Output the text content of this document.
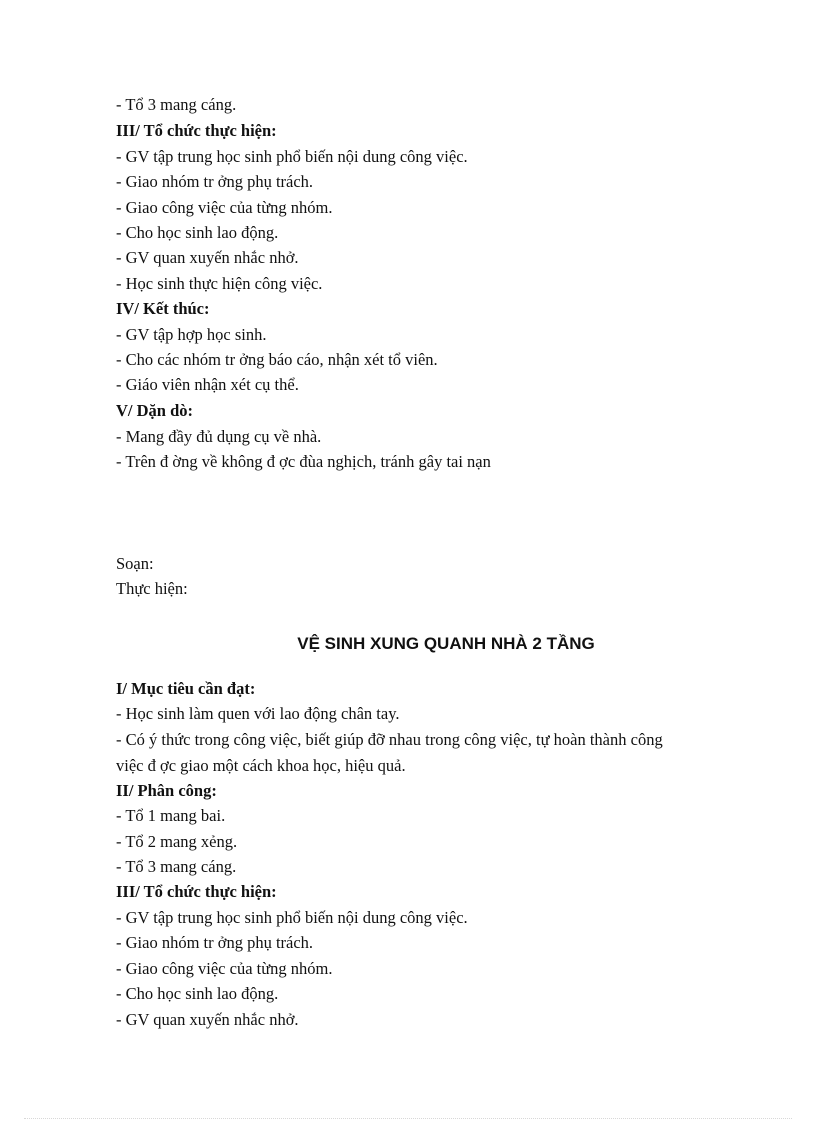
- Tổ 3 mang cáng.
III/ Tổ chức thực hiện:
- GV tập trung học sinh phổ biến nội dung công việc.
- Giao nhóm tr ởng phụ trách.
- Giao công việc của từng nhóm.
- Cho học sinh lao động.
- GV quan xuyến nhắc nhở.
- Học sinh thực hiện công việc.
IV/ Kết thúc:
- GV tập hợp học sinh.
- Cho các nhóm tr ởng báo cáo, nhận xét tổ viên.
- Giáo viên nhận xét cụ thể.
V/ Dặn dò:
- Mang đầy đủ dụng cụ về nhà.
- Trên đ ờng về không đ ợc đùa nghịch, tránh gây tai nạn
Soạn:
Thực hiện:
VỆ SINH XUNG QUANH NHÀ 2 TẦNG
I/ Mục tiêu cần đạt:
- Học sinh làm quen với lao động chân tay.
- Có ý thức trong công việc, biết giúp đỡ nhau trong công việc, tự hoàn thành công
việc đ ợc giao một cách khoa học, hiệu quả.
II/ Phân công:
- Tổ 1 mang bai.
- Tổ 2 mang xẻng.
- Tổ 3 mang cáng.
III/ Tổ chức thực hiện:
- GV tập trung học sinh phổ biến nội dung công việc.
- Giao nhóm tr ởng phụ trách.
- Giao công việc của từng nhóm.
- Cho học sinh lao động.
- GV quan xuyến nhắc nhở.
